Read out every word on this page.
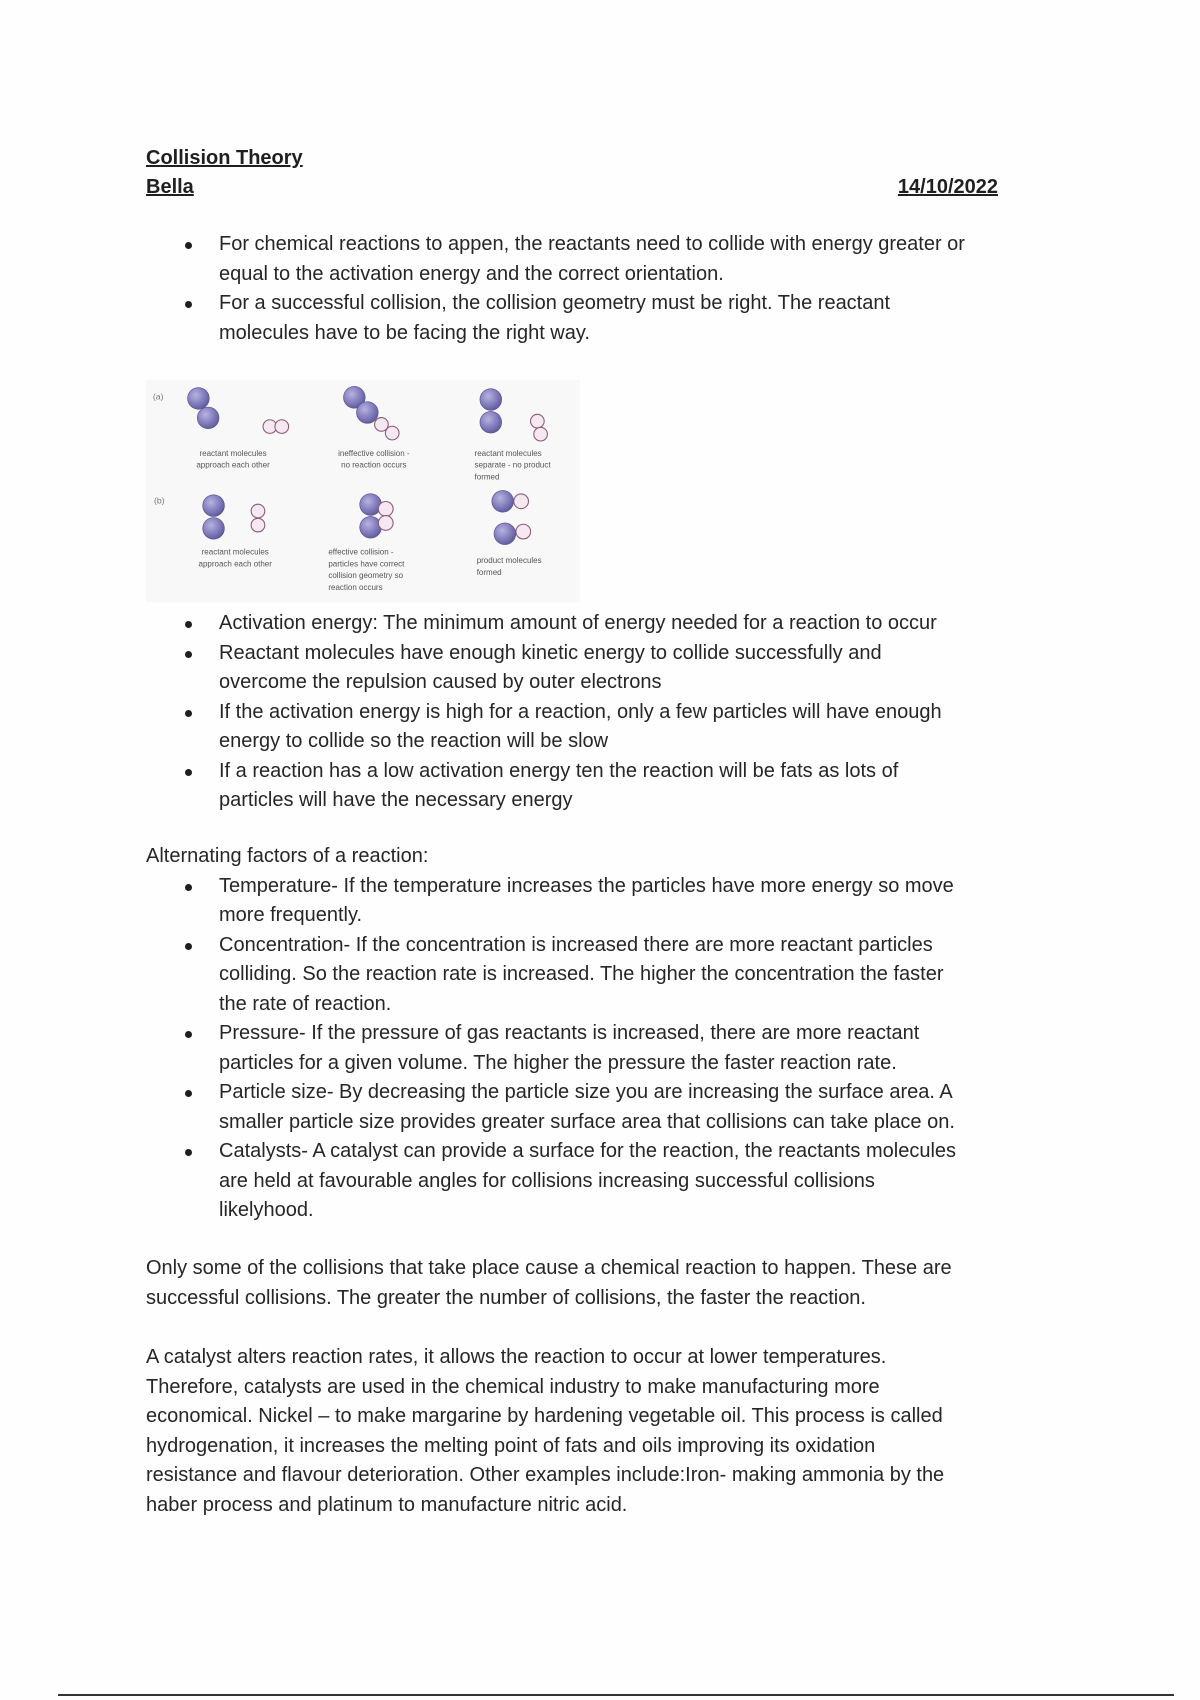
Collision Theory
Bella	14/10/2022
For chemical reactions to appen, the reactants need to collide with energy greater or
equal to the activation energy and the correct orientation.
For a successful collision, the collision geometry must be right. The reactant
molecules have to be facing the right way.
(a)
(b)
reactant molecules
approach each other
ineffective collision -
no reaction occurs
reactant molecules
separate - no product
formed
reactant molecules
approach each other
effective collision -
particles have correct
collision geometry so
reaction occurs
product molecules
formed
Activation energy: The minimum amount of energy needed for a reaction to occur
Reactant molecules have enough kinetic energy to collide successfully and
overcome the repulsion caused by outer electrons
If the activation energy is high for a reaction, only a few particles will have enough
energy to collide so the reaction will be slow
If a reaction has a low activation energy ten the reaction will be fats as lots of
particles will have the necessary energy
Alternating factors of a reaction:
Temperature- If the temperature increases the particles have more energy so move
more frequently.
Concentration- If the concentration is increased there are more reactant particles
colliding. So the reaction rate is increased. The higher the concentration the faster
the rate of reaction.
Pressure- If the pressure of gas reactants is increased, there are more reactant
particles for a given volume. The higher the pressure the faster reaction rate.
Particle size- By decreasing the particle size you are increasing the surface area. A
smaller particle size provides greater surface area that collisions can take place on.
Catalysts- A catalyst can provide a surface for the reaction, the reactants molecules
are held at favourable angles for collisions increasing successful collisions
likelyhood.
Only some of the collisions that take place cause a chemical reaction to happen. These are
successful collisions. The greater the number of collisions, the faster the reaction.
A catalyst alters reaction rates, it allows the reaction to occur at lower temperatures.
Therefore, catalysts are used in the chemical industry to make manufacturing more
economical. Nickel – to make margarine by hardening vegetable oil. This process is called
hydrogenation, it increases the melting point of fats and oils improving its oxidation
resistance and flavour deterioration. Other examples include:Iron- making ammonia by the
haber process and platinum to manufacture nitric acid.
